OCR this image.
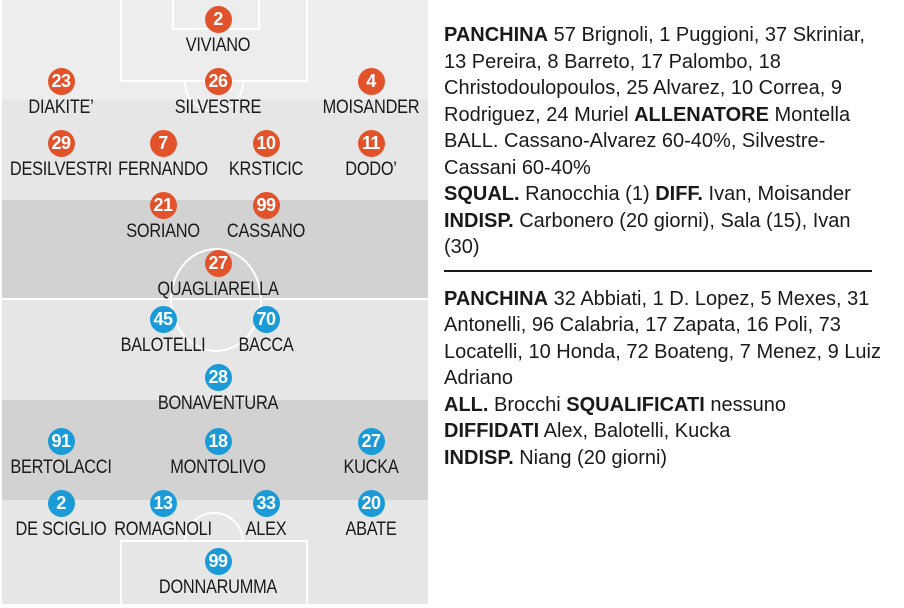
2
VIVIANO
23
DIAKITE’
26
SILVESTRE
4
MOISANDER
29
DESILVESTRI
7
FERNANDO
10
KRSTICIC
11
DODO’
21
SORIANO
99
CASSANO
27
QUAGLIARELLA
45
BALOTELLI
70
BACCA
28
BONAVENTURA
91
BERTOLACCI
18
MONTOLIVO
27
KUCKA
2
DE SCIGLIO
13
ROMAGNOLI
33
ALEX
20
ABATE
99
DONNARUMMA

PANCHINA 57 Brignoli, 1 Puggioni, 37 Skriniar, 13 Pereira, 8 Barreto, 17 Palombo, 18 Christodoulopoulos, 25 Alvarez, 10 Correa, 9 Rodriguez, 24 Muriel ALLENATORE Montella BALL. Cassano-Alvarez 60-40%, Silvestre-Cassani 60-40%
SQUAL. Ranocchia (1) DIFF. Ivan, Moisander INDISP. Carbonero (20 giorni), Sala (15), Ivan (30)

PANCHINA 32 Abbiati, 1 D. Lopez, 5 Mexes, 31 Antonelli, 96 Calabria, 17 Zapata, 16 Poli, 73 Locatelli, 10 Honda, 72 Boateng, 7 Menez, 9 Luiz Adriano
ALL. Brocchi SQUALIFICATI nessuno
DIFFIDATI Alex, Balotelli, Kucka
INDISP. Niang (20 giorni)
